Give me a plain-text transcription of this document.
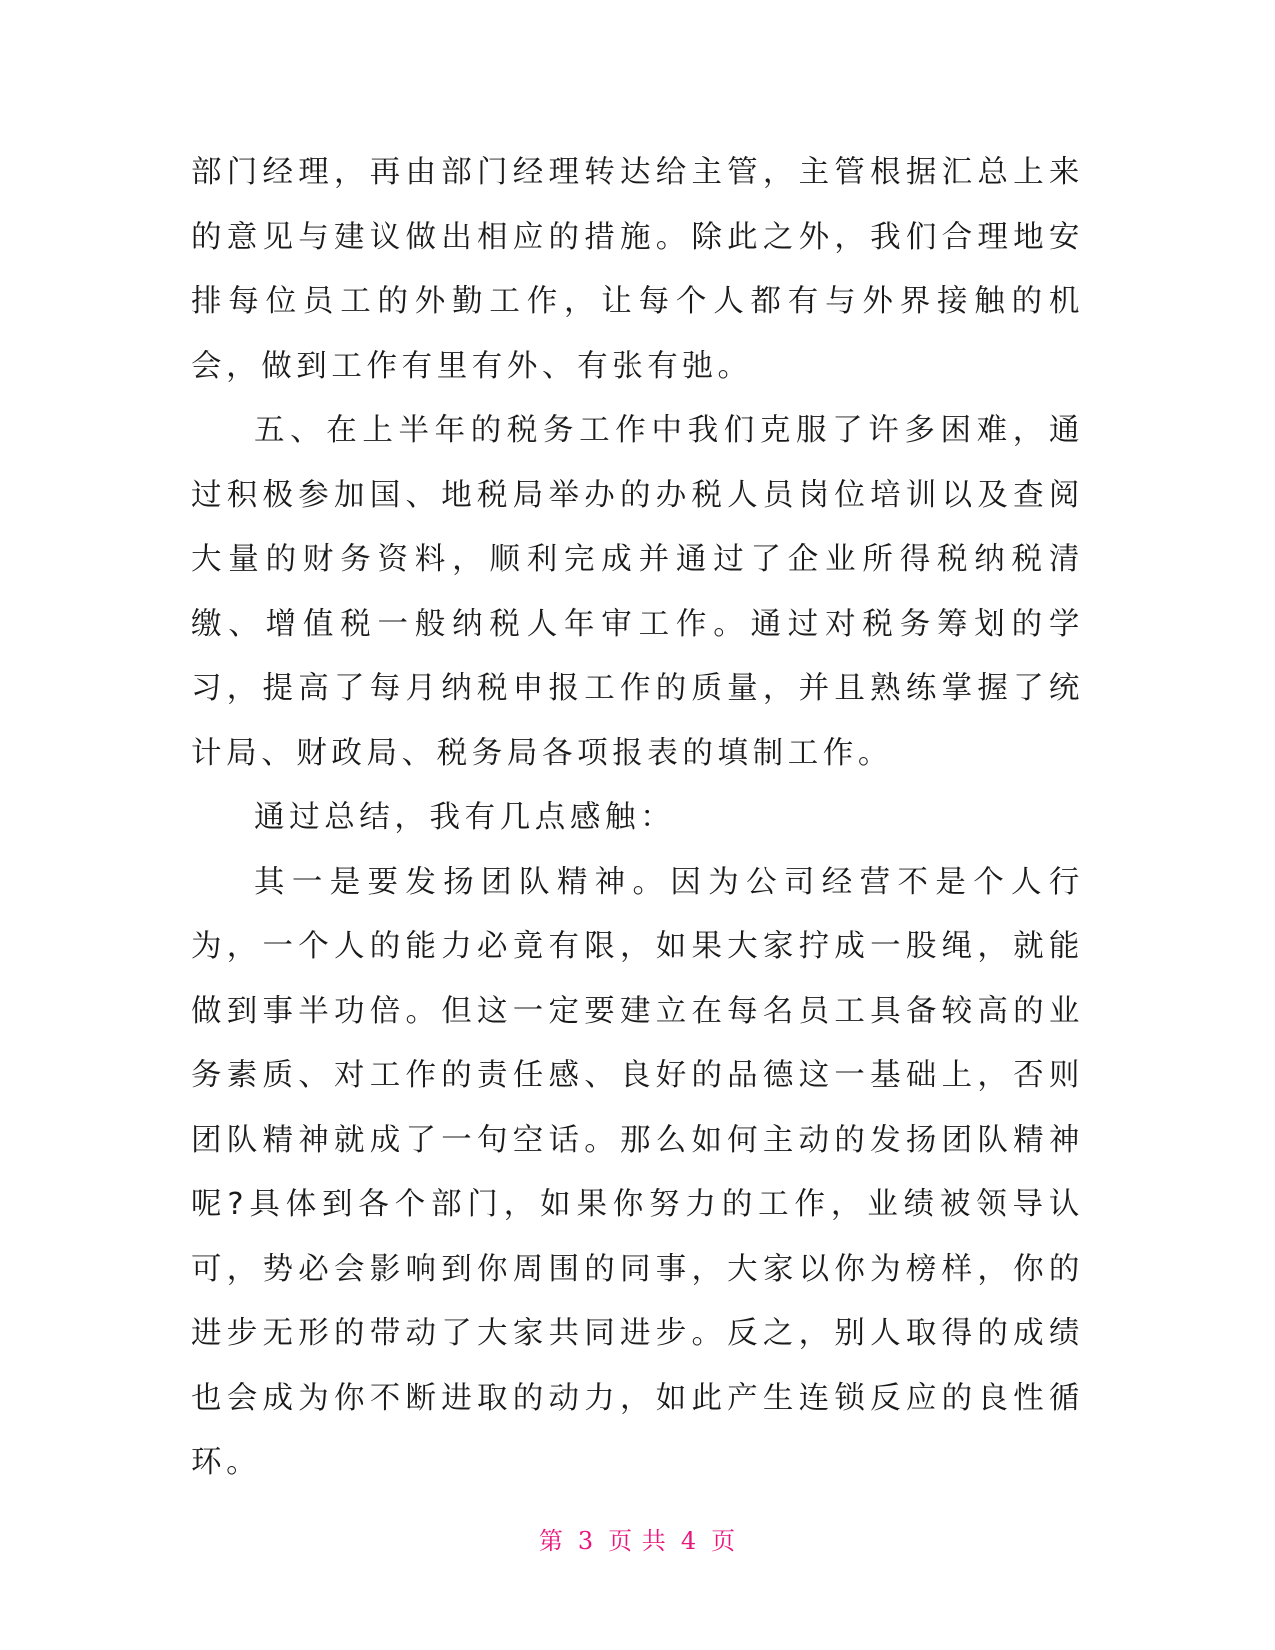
部门经理，再由部门经理转达给主管，主管根据汇总上来的意见与建议做出相应的措施。除此之外，我们合理地安排每位员工的外勤工作，让每个人都有与外界接触的机会，做到工作有里有外、有张有弛。

五、在上半年的税务工作中我们克服了许多困难，通过积极参加国、地税局举办的办税人员岗位培训以及查阅大量的财务资料，顺利完成并通过了企业所得税纳税清缴、增值税一般纳税人年审工作。通过对税务筹划的学习，提高了每月纳税申报工作的质量，并且熟练掌握了统计局、财政局、税务局各项报表的填制工作。

通过总结，我有几点感触：

其一是要发扬团队精神。因为公司经营不是个人行为，一个人的能力必竟有限，如果大家拧成一股绳，就能做到事半功倍。但这一定要建立在每名员工具备较高的业务素质、对工作的责任感、良好的品德这一基础上，否则团队精神就成了一句空话。那么如何主动的发扬团队精神呢?具体到各个部门，如果你努力的工作，业绩被领导认可，势必会影响到你周围的同事，大家以你为榜样，你的进步无形的带动了大家共同进步。反之，别人取得的成绩也会成为你不断进取的动力，如此产生连锁反应的良性循环。

第 3 页 共 4 页
